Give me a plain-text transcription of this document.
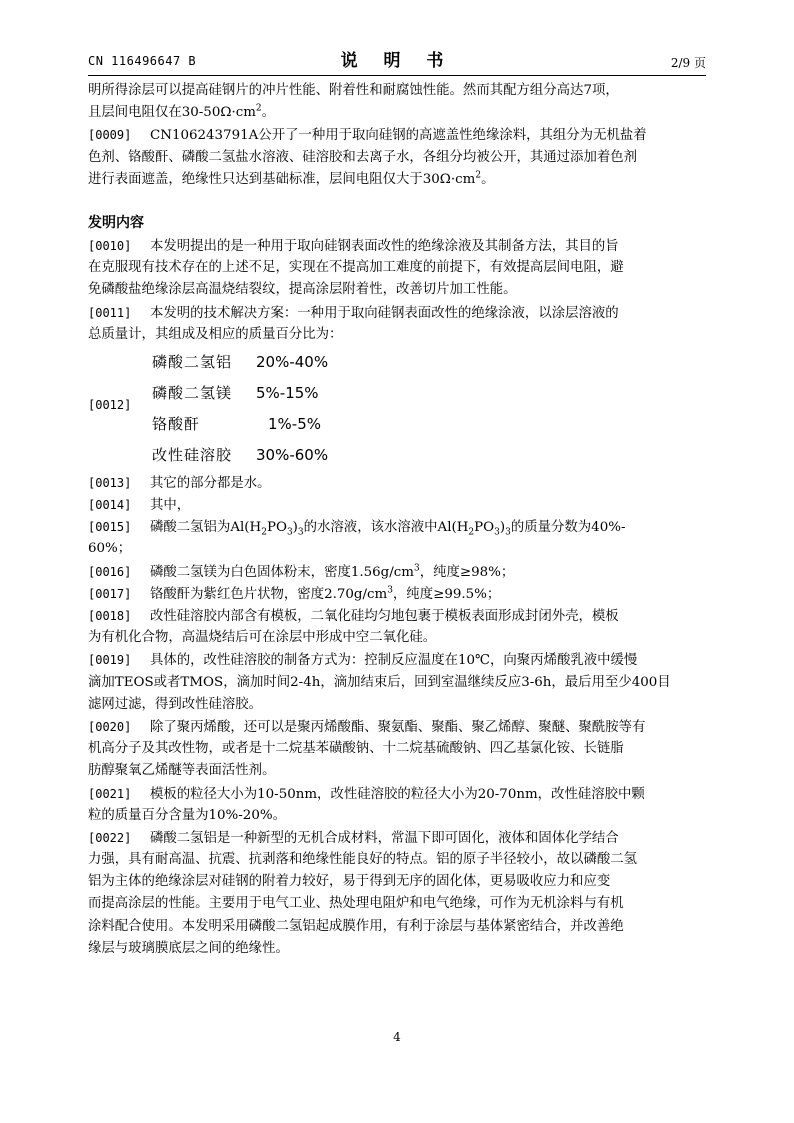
CN 116496647 B	说 明 书	2/9 页
明所得涂层可以提高硅钢片的冲片性能、附着性和耐腐蚀性能。然而其配方组分高达7项，
且层间电阻仅在$30-50\Omega\cdot cm^2$。
[0009] CN106243791A公开了一种用于取向硅钢的高遮盖性绝缘涂料，其组分为无机盐着
色剂、铬酸酐、磷酸二氢盐水溶液、硅溶胶和去离子水，各组分均被公开，其通过添加着色剂
进行表面遮盖，绝缘性只达到基础标准，层间电阻仅大于$30\Omega\cdot cm^2$。
发明内容
[0010] 本发明提出的是一种用于取向硅钢表面改性的绝缘涂液及其制备方法，其目的旨
在克服现有技术存在的上述不足，实现在不提高加工难度的前提下，有效提高层间电阻，避
免磷酸盐绝缘涂层高温烧结裂纹，提高涂层附着性，改善切片加工性能。
[0011] 本发明的技术解决方案：一种用于取向硅钢表面改性的绝缘涂液，以涂层溶液的
总质量计，其组成及相应的质量百分比为：
[0012]
磷酸二氢铝 20%-40%
磷酸二氢镁 5%-15%
铬酸酐	1%-5%
改性硅溶胶 30%-60%
[0013] 其它的部分都是水。
[0014] 其中，
[0015] 磷酸二氢铝为$Al(H_2PO_3)_3$的水溶液，该水溶液中$Al(H_2PO_3)_3$的质量分数为40%-
60%；
[0016] 磷酸二氢镁为白色固体粉末，密度$1.56g/cm^3$，纯度≥98%；
[0017] 铬酸酐为紫红色片状物，密度$2.70g/cm^3$，纯度≥99.5%；
[0018] 改性硅溶胶内部含有模板，二氧化硅均匀地包裹于模板表面形成封闭外壳，模板
为有机化合物，高温烧结后可在涂层中形成中空二氧化硅。
[0019] 具体的，改性硅溶胶的制备方式为：控制反应温度在10℃，向聚丙烯酸乳液中缓慢
滴加TEOS或者TMOS，滴加时间2-4h，滴加结束后，回到室温继续反应3-6h，最后用至少400目
滤网过滤，得到改性硅溶胶。
[0020] 除了聚丙烯酸，还可以是聚丙烯酸酯、聚氨酯、聚酯、聚乙烯醇、聚醚、聚酰胺等有
机高分子及其改性物，或者是十二烷基苯磺酸钠、十二烷基硫酸钠、四乙基氯化铵、长链脂
肪醇聚氧乙烯醚等表面活性剂。
[0021] 模板的粒径大小为10-50nm，改性硅溶胶的粒径大小为20-70nm，改性硅溶胶中颗
粒的质量百分含量为10%-20%。
[0022] 磷酸二氢铝是一种新型的无机合成材料，常温下即可固化，液体和固体化学结合
力强，具有耐高温、抗震、抗剥落和绝缘性能良好的特点。铝的原子半径较小，故以磷酸二氢
铝为主体的绝缘涂层对硅钢的附着力较好，易于得到无序的固化体，更易吸收应力和应变
而提高涂层的性能。主要用于电气工业、热处理电阻炉和电气绝缘，可作为无机涂料与有机
涂料配合使用。本发明采用磷酸二氢铝起成膜作用，有利于涂层与基体紧密结合，并改善绝
缘层与玻璃膜底层之间的绝缘性。
4
